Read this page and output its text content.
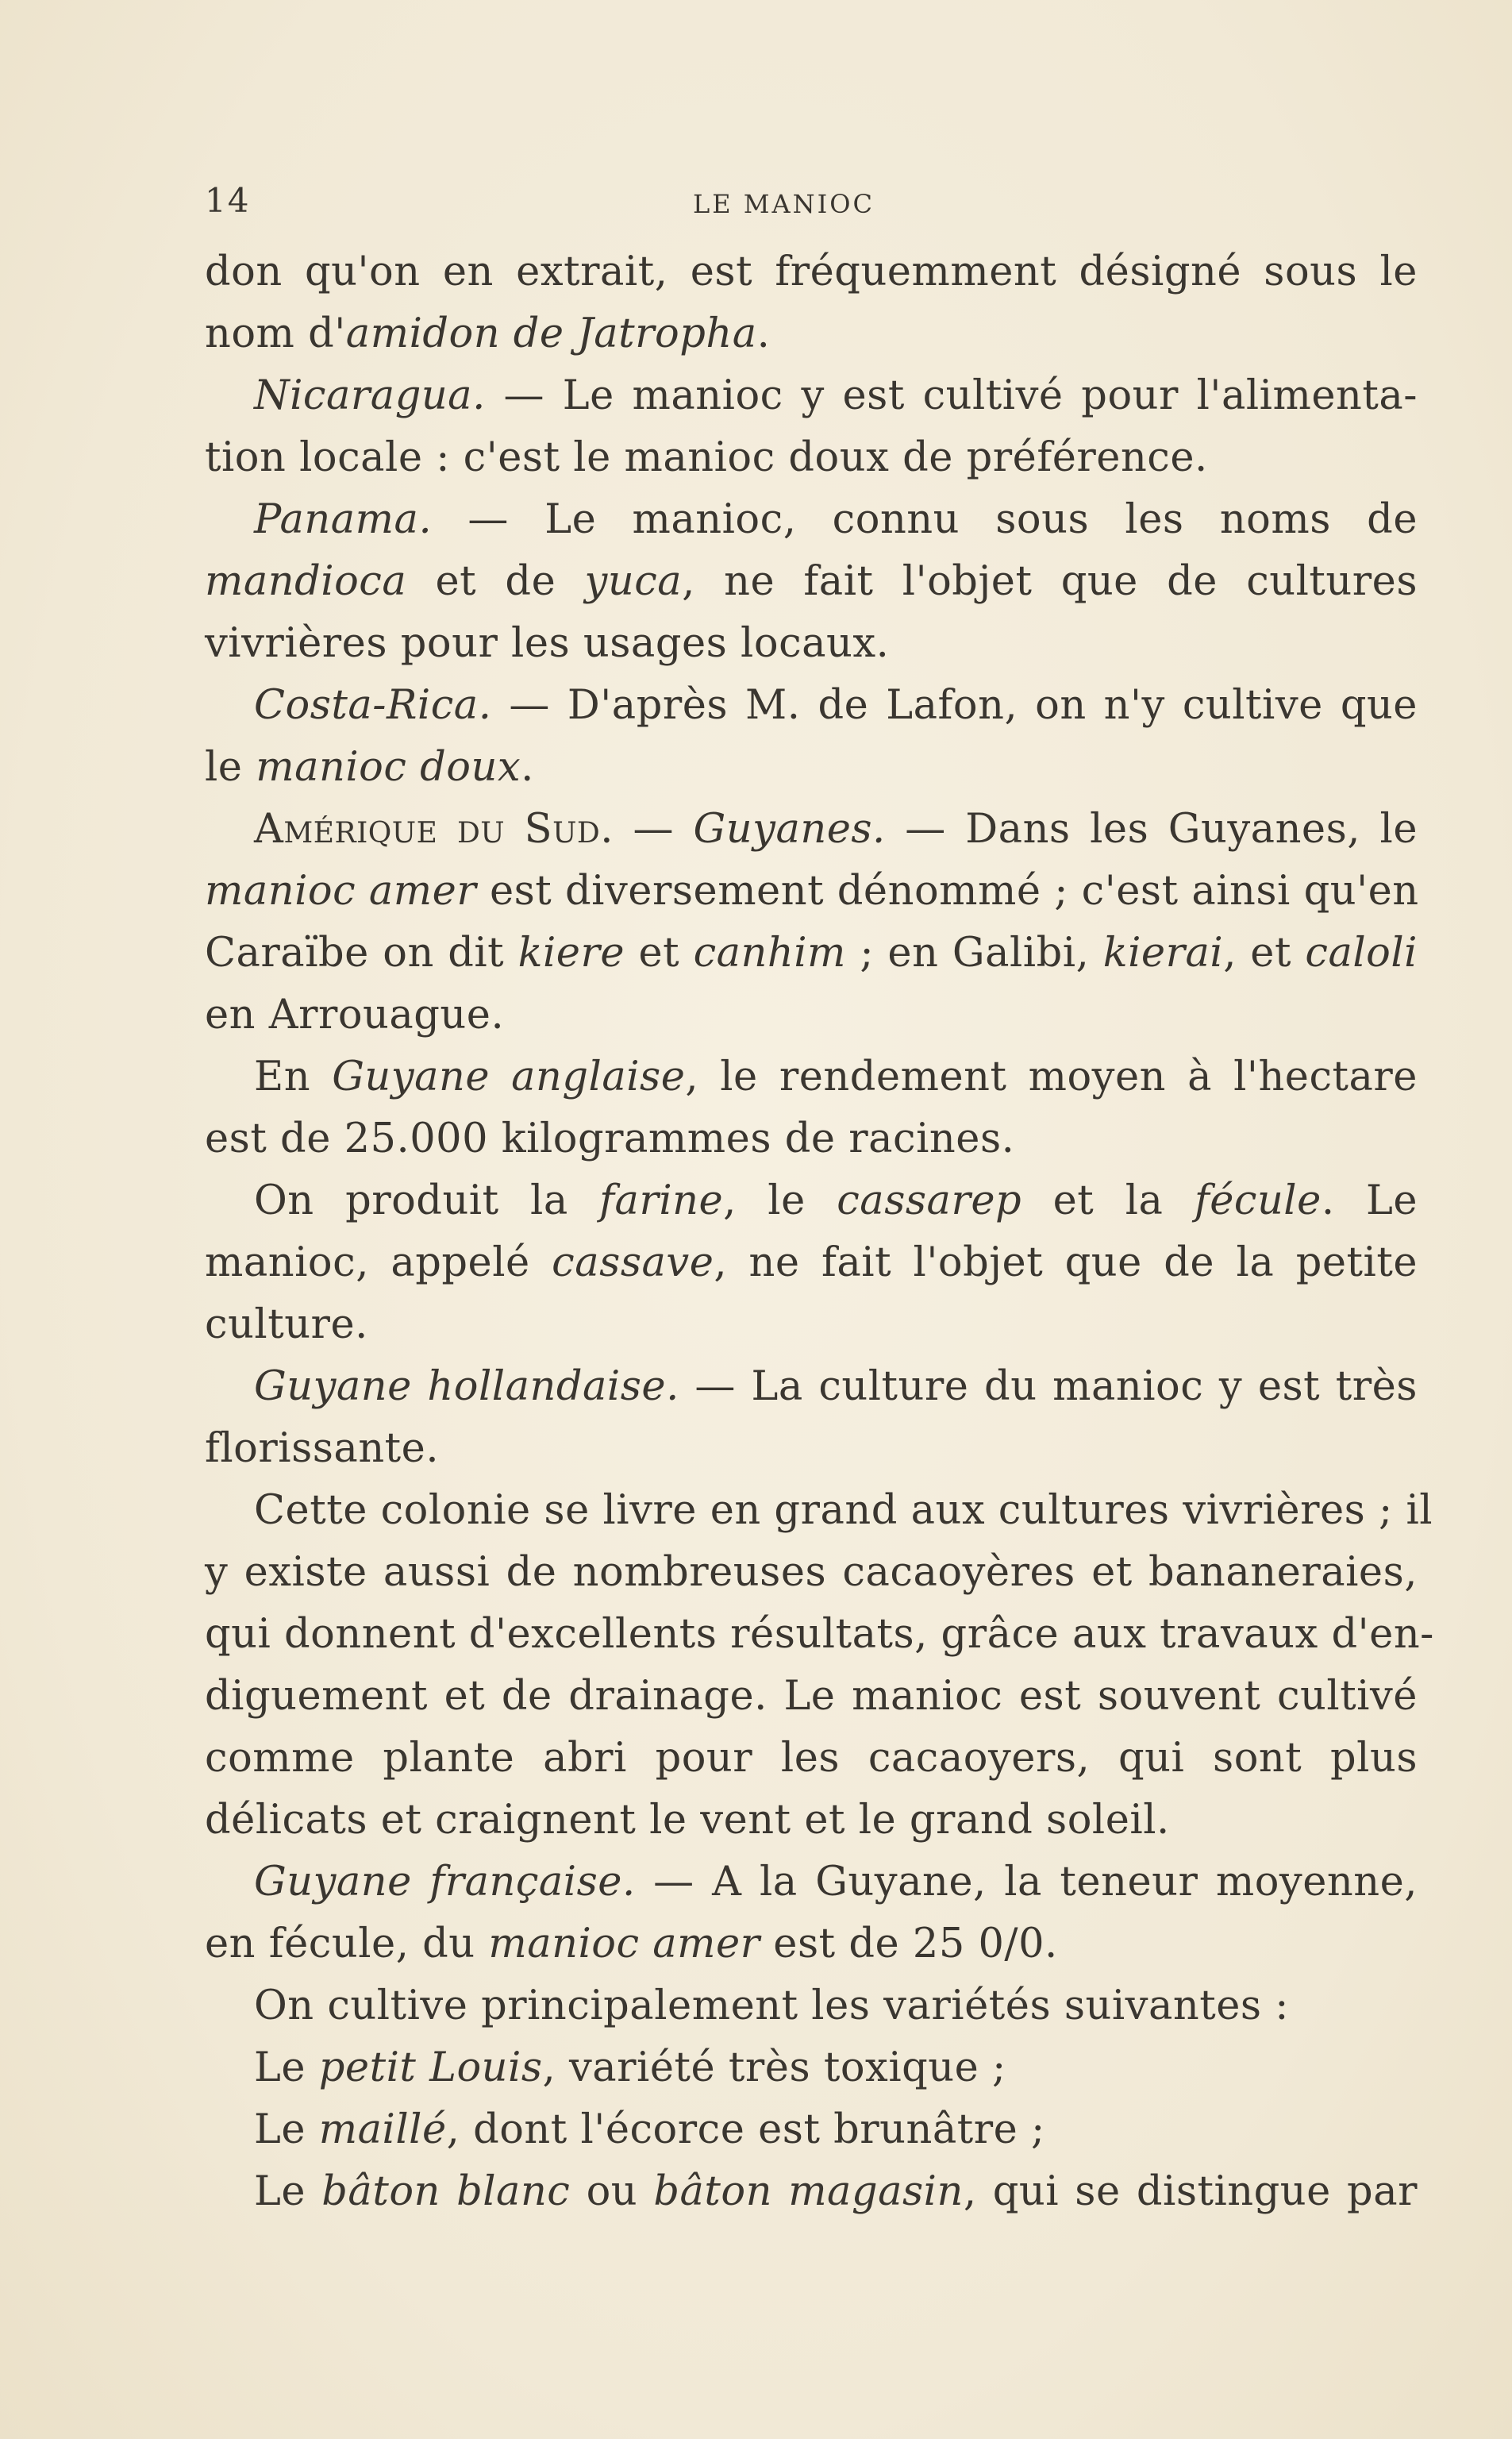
14	LE MANIOC
don qu'on en extrait, est fréquemment désigné sous le
nom d'amidon de Jatropha.
Nicaragua. — Le manioc y est cultivé pour l'alimenta-
tion locale : c'est le manioc doux de préférence.
Panama. — Le manioc, connu sous les noms de
mandioca et de yuca, ne fait l'objet que de cultures
vivrières pour les usages locaux.
Costa-Rica. — D'après M. de Lafon, on n'y cultive que
le manioc doux.
Amérique du Sud. — Guyanes. — Dans les Guyanes, le
manioc amer est diversement dénommé ; c'est ainsi qu'en
Caraïbe on dit kiere et canhim ; en Galibi, kierai, et caloli
en Arrouague.
En Guyane anglaise, le rendement moyen à l'hectare
est de 25.000 kilogrammes de racines.
On produit la farine, le cassarep et la fécule. Le
manioc, appelé cassave, ne fait l'objet que de la petite
culture.
Guyane hollandaise. — La culture du manioc y est très
florissante.
Cette colonie se livre en grand aux cultures vivrières ; il
y existe aussi de nombreuses cacaoyères et bananeraies,
qui donnent d'excellents résultats, grâce aux travaux d'en-
diguement et de drainage. Le manioc est souvent cultivé
comme plante abri pour les cacaoyers, qui sont plus
délicats et craignent le vent et le grand soleil.
Guyane française. — A la Guyane, la teneur moyenne,
en fécule, du manioc amer est de 25 0/0.
On cultive principalement les variétés suivantes :
Le petit Louis, variété très toxique ;
Le maillé, dont l'écorce est brunâtre ;
Le bâton blanc ou bâton magasin, qui se distingue par
